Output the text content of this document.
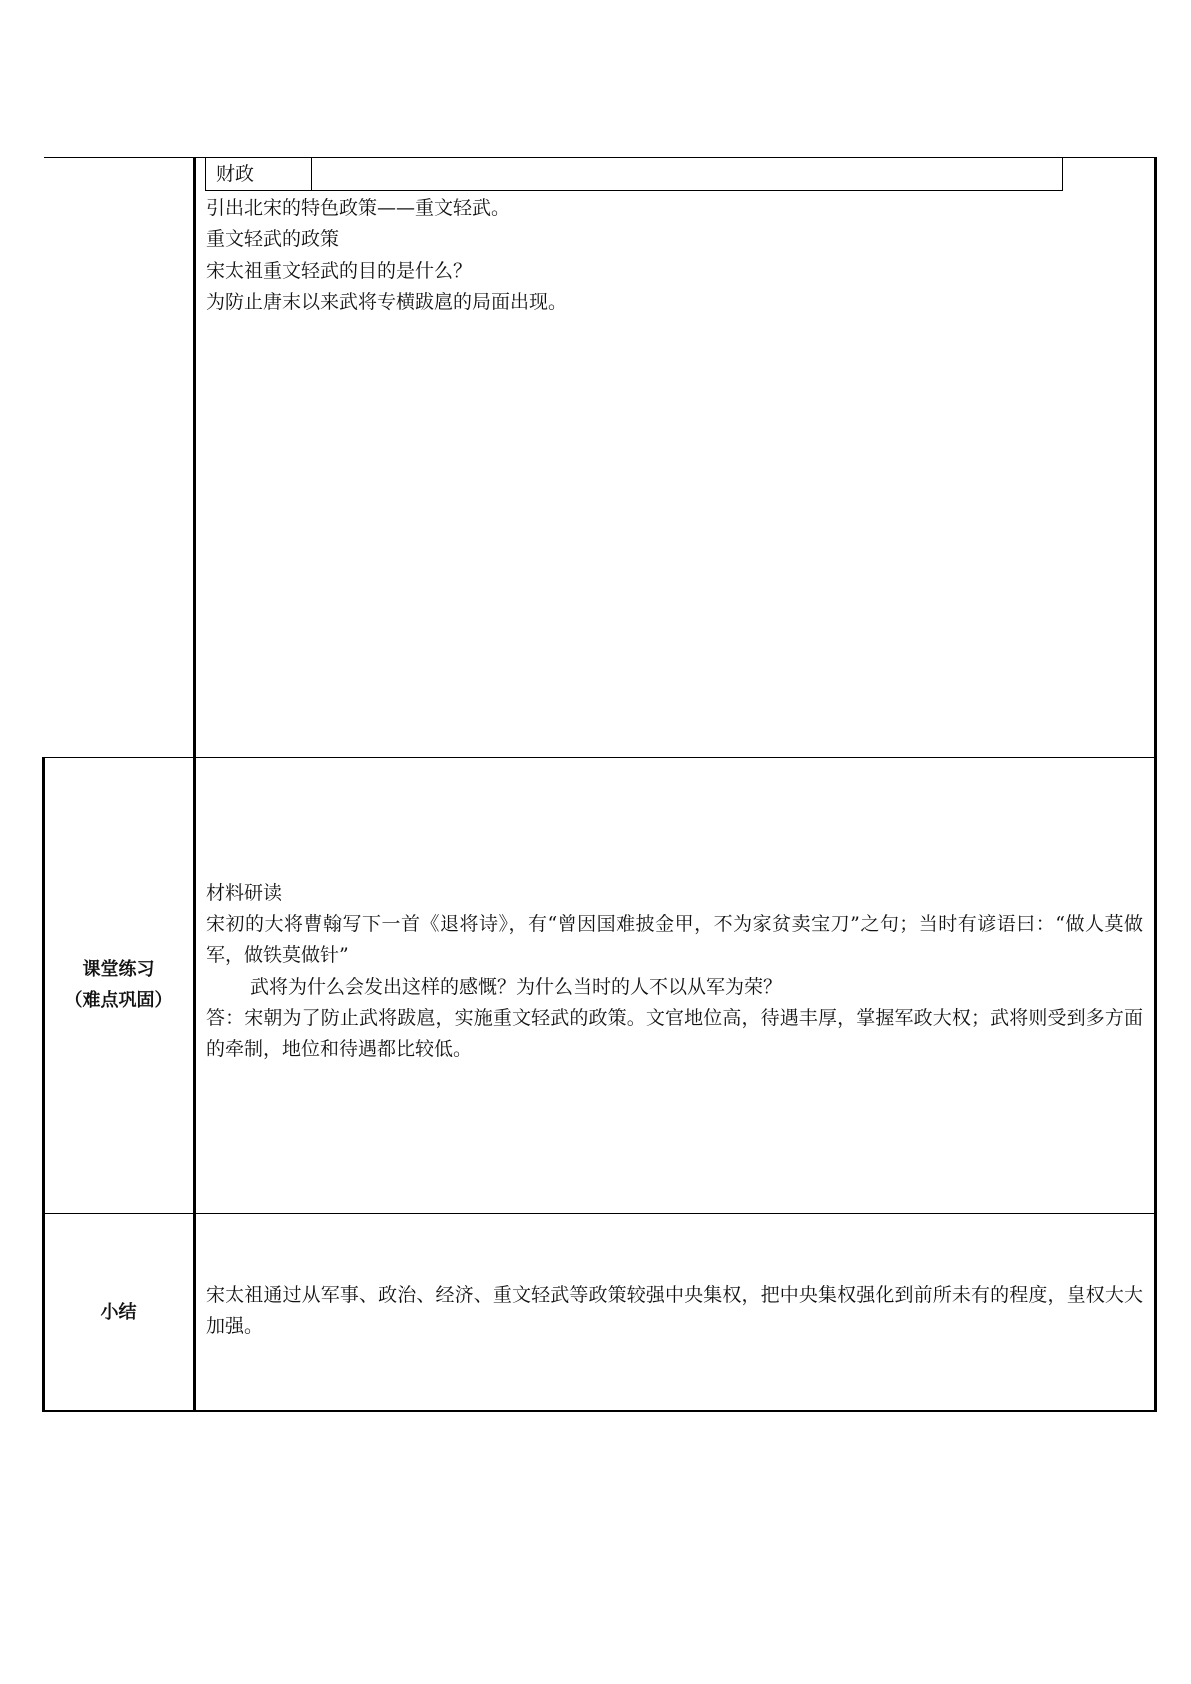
财政
引出北宋的特色政策——重文轻武。
重文轻武的政策
宋太祖重文轻武的目的是什么？
为防止唐末以来武将专横跋扈的局面出现。
课堂练习
（难点巩固）
材料研读
宋初的大将曹翰写下一首《退将诗》，有“曾因国难披金甲，不为家贫卖宝刀”之句；当时有谚语曰：“做人莫做军，做铁莫做针”
武将为什么会发出这样的感慨？为什么当时的人不以从军为荣？
答：宋朝为了防止武将跋扈，实施重文轻武的政策。文官地位高，待遇丰厚，掌握军政大权；武将则受到多方面的牵制，地位和待遇都比较低。
小结
宋太祖通过从军事、政治、经济、重文轻武等政策较强中央集权，把中央集权强化到前所未有的程度，皇权大大加强。
